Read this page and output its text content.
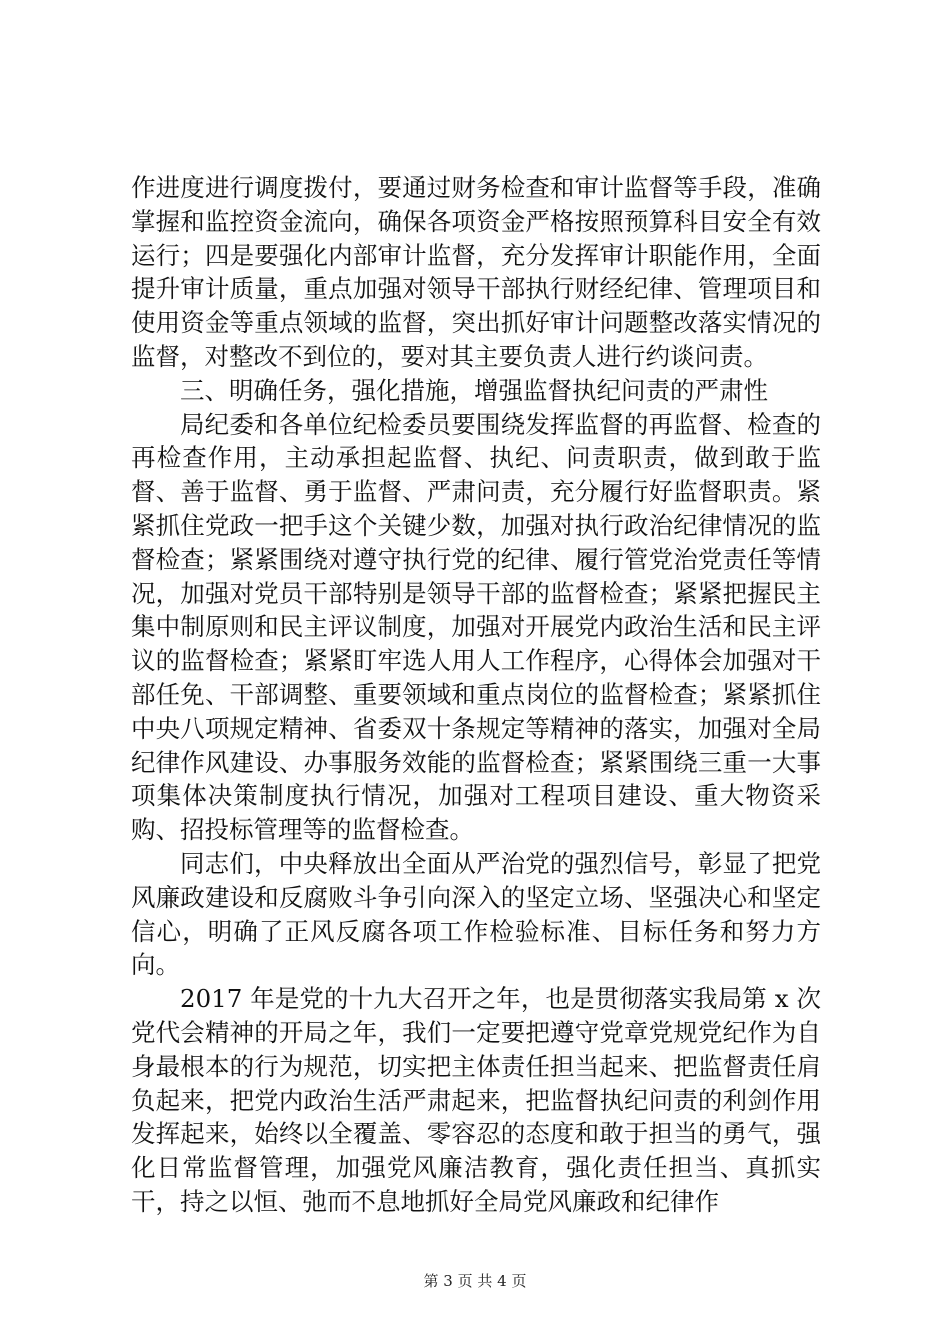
作进度进行调度拨付，要通过财务检查和审计监督等手段，准确掌握和监控资金流向，确保各项资金严格按照预算科目安全有效运行；四是要强化内部审计监督，充分发挥审计职能作用，全面提升审计质量，重点加强对领导干部执行财经纪律、管理项目和使用资金等重点领域的监督，突出抓好审计问题整改落实情况的监督，对整改不到位的，要对其主要负责人进行约谈问责。

三、明确任务，强化措施，增强监督执纪问责的严肃性

局纪委和各单位纪检委员要围绕发挥监督的再监督、检查的再检查作用，主动承担起监督、执纪、问责职责，做到敢于监督、善于监督、勇于监督、严肃问责，充分履行好监督职责。紧紧抓住党政一把手这个关键少数，加强对执行政治纪律情况的监督检查；紧紧围绕对遵守执行党的纪律、履行管党治党责任等情况，加强对党员干部特别是领导干部的监督检查；紧紧把握民主集中制原则和民主评议制度，加强对开展党内政治生活和民主评议的监督检查；紧紧盯牢选人用人工作程序，心得体会加强对干部任免、干部调整、重要领域和重点岗位的监督检查；紧紧抓住中央八项规定精神、省委双十条规定等精神的落实，加强对全局纪律作风建设、办事服务效能的监督检查；紧紧围绕三重一大事项集体决策制度执行情况，加强对工程项目建设、重大物资采购、招投标管理等的监督检查。

同志们，中央释放出全面从严治党的强烈信号，彰显了把党风廉政建设和反腐败斗争引向深入的坚定立场、坚强决心和坚定信心，明确了正风反腐各项工作检验标准、目标任务和努力方向。

2017 年是党的十九大召开之年，也是贯彻落实我局第 x 次党代会精神的开局之年，我们一定要把遵守党章党规党纪作为自身最根本的行为规范，切实把主体责任担当起来、把监督责任肩负起来，把党内政治生活严肃起来，把监督执纪问责的利剑作用发挥起来，始终以全覆盖、零容忍的态度和敢于担当的勇气，强化日常监督管理，加强党风廉洁教育，强化责任担当、真抓实干，持之以恒、弛而不息地抓好全局党风廉政和纪律作

第 3 页 共 4 页
